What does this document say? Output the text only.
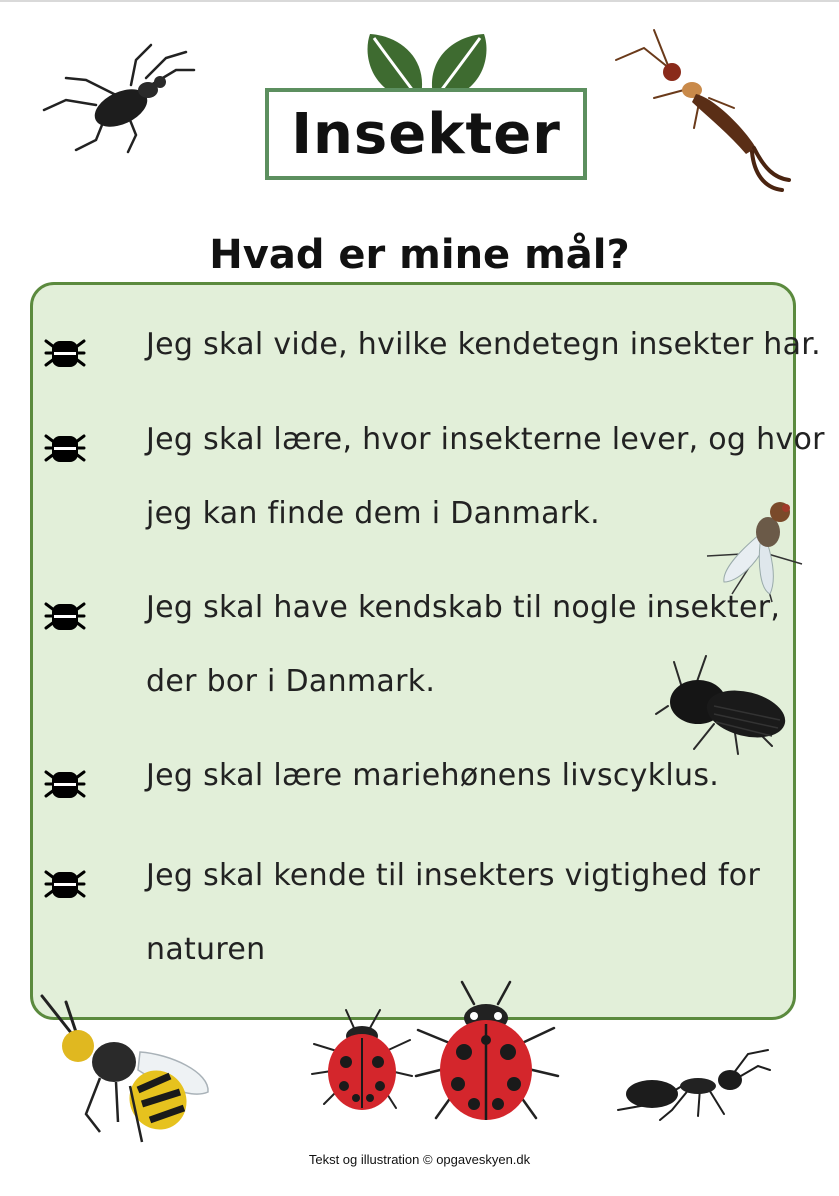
Insekter
Hvad er mine mål?
Jeg skal vide, hvilke kendetegn insekter har.
Jeg skal lære, hvor insekterne lever, og hvor
jeg kan finde dem i Danmark.
Jeg skal have kendskab til nogle insekter,
der bor i Danmark.
Jeg skal lære mariehønens livscyklus.
Jeg skal kende til insekters vigtighed for
naturen
Tekst og illustration © opgaveskyen.dk
